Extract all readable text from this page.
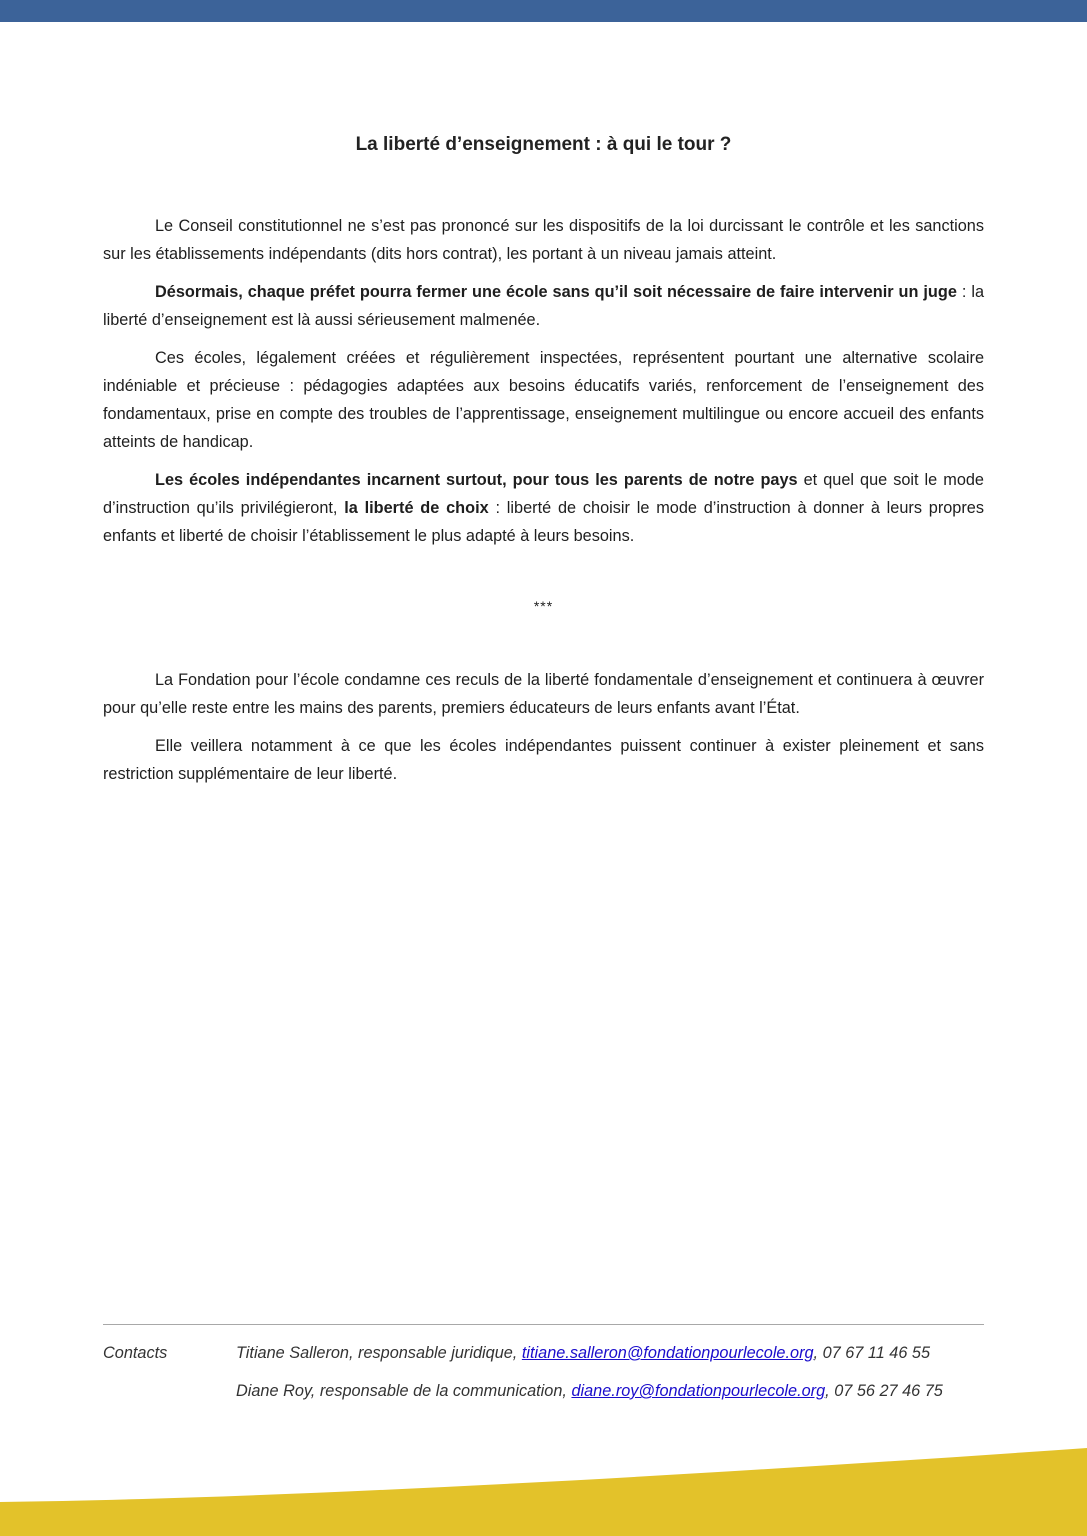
La liberté d’enseignement : à qui le tour ?

Le Conseil constitutionnel ne s’est pas prononcé sur les dispositifs de la loi durcissant le contrôle et les sanctions sur les établissements indépendants (dits hors contrat), les portant à un niveau jamais atteint.

Désormais, chaque préfet pourra fermer une école sans qu’il soit nécessaire de faire intervenir un juge : la liberté d’enseignement est là aussi sérieusement malmenée.

Ces écoles, légalement créées et régulièrement inspectées, représentent pourtant une alternative scolaire indéniable et précieuse : pédagogies adaptées aux besoins éducatifs variés, renforcement de l’enseignement des fondamentaux, prise en compte des troubles de l’apprentissage, enseignement multilingue ou encore accueil des enfants atteints de handicap.

Les écoles indépendantes incarnent surtout, pour tous les parents de notre pays et quel que soit le mode d’instruction qu’ils privilégieront, la liberté de choix : liberté de choisir le mode d’instruction à donner à leurs propres enfants et liberté de choisir l’établissement le plus adapté à leurs besoins.

***

La Fondation pour l’école condamne ces reculs de la liberté fondamentale d’enseignement et continuera à œuvrer pour qu’elle reste entre les mains des parents, premiers éducateurs de leurs enfants avant l’État.

Elle veillera notamment à ce que les écoles indépendantes puissent continuer à exister pleinement et sans restriction supplémentaire de leur liberté.

Contacts	Titiane Salleron, responsable juridique, titiane.salleron@fondationpourlecole.org, 07 67 11 46 55
Diane Roy, responsable de la communication, diane.roy@fondationpourlecole.org, 07 56 27 46 75
